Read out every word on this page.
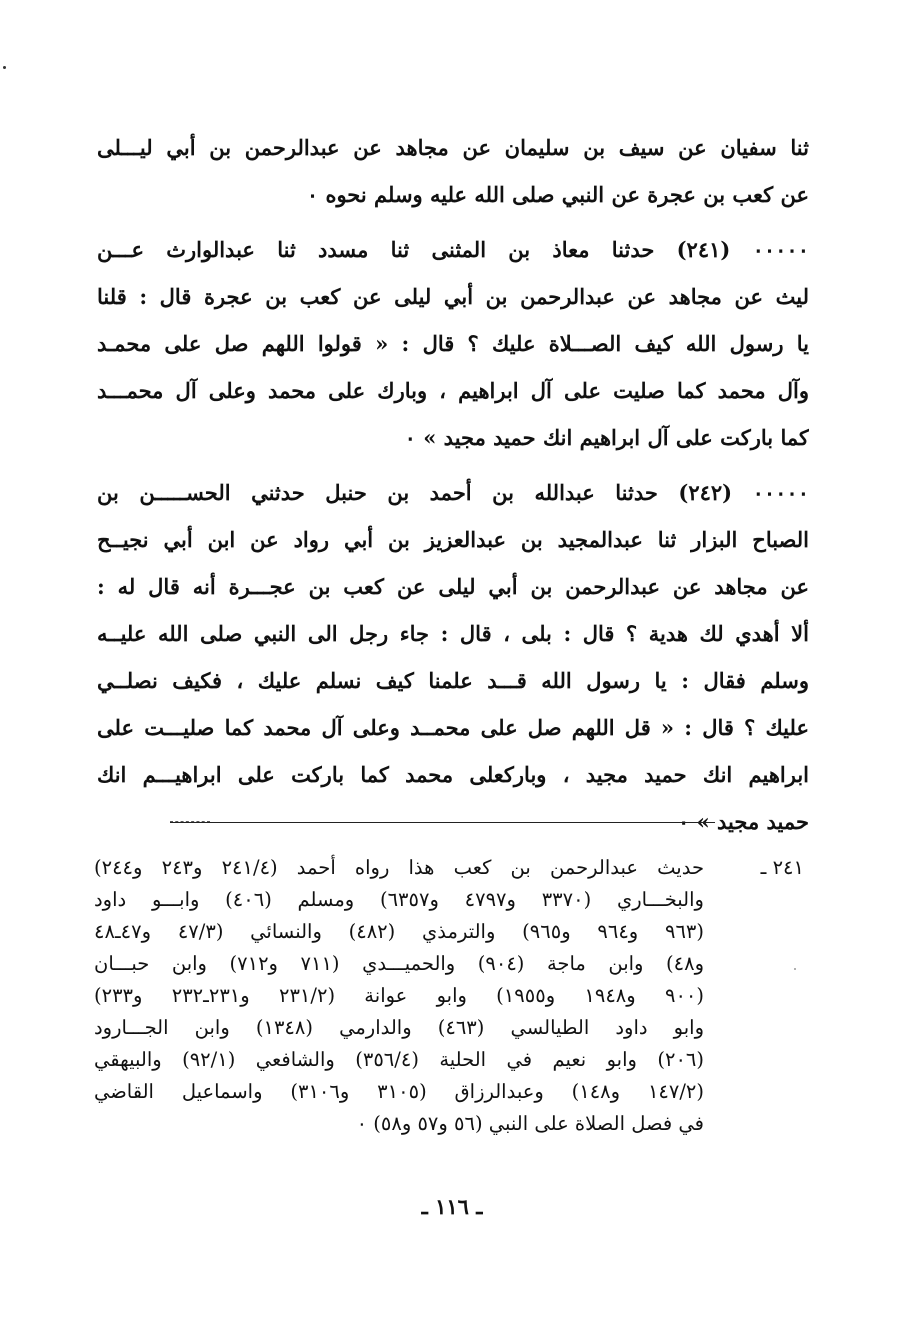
ثنا سفيان عن سيف بن سليمان عن مجاهد عن عبدالرحمن بن أبي ليـــلى
عن كعب بن عجرة عن النبي صلى الله عليه وسلم نحوه ٠
٠٠٠٠٠ (٢٤١) حدثنا معاذ بن المثنى ثنا مسدد ثنا عبدالوارث عـــن
ليث عن مجاهد عن عبدالرحمن بن أبي ليلى عن كعب بن عجرة قال : قلنا
يا رسول الله كيف الصـــلاة عليك ؟ قال : « قولوا اللهم صل على محمـد
وآل محمد كما صليت على آل ابراهيم ، وبارك على محمد وعلى آل محمـــد
كما باركت على آل ابراهيم انك حميد مجيد » ٠
٠٠٠٠٠ (٢٤٢) حدثنا عبدالله بن أحمد بن حنبل حدثني الحســـــن بن
الصباح البزار ثنا عبدالمجيد بن عبدالعزيز بن أبي رواد عن ابن أبي نجيــح
عن مجاهد عن عبدالرحمن بن أبي ليلى عن كعب بن عجـــرة أنه قال له :
ألا أهدي لك هدية ؟ قال : بلى ، قال : جاء رجل الى النبي صلى الله عليــه
وسلم فقال : يا رسول الله قـــد علمنا كيف نسلم عليك ، فكيف نصلــي
عليك ؟ قال : « قل اللهم صل على محمــد وعلى آل محمد كما صليـــت على
ابراهيم انك حميد مجيد ، وباركعلى محمد كما باركت على ابراهيـــم انك
حميد مجيد » ٠
٢٤١ ـ
حديث عبدالرحمن بن كعب هذا رواه أحمد (٢٤١/٤ و٢٤٣ و٢٤٤)
والبخـــاري (٣٣٧٠ و٤٧٩٧ و٦٣٥٧) ومسلم (٤٠٦) وابـــو داود
(٩٦٣ و٩٦٤ و٩٦٥) والترمذي (٤٨٢) والنسائي (٤٧/٣ و٤٧ـ٤٨
و٤٨) وابن ماجة (٩٠٤) والحميـــدي (٧١١ و٧١٢) وابن حبـــان
(٩٠٠ و١٩٤٨ و١٩٥٥) وابو عوانة (٢٣١/٢ و٢٣١ـ٢٣٢ و٢٣٣)
وابو داود الطيالسي (٤٦٣) والدارمي (١٣٤٨) وابن الجـــارود
(٢٠٦) وابو نعيم في الحلية (٣٥٦/٤) والشافعي (٩٢/١) والبيهقي
(١٤٧/٢ و١٤٨) وعبدالرزاق (٣١٠٥ و٣١٠٦) واسماعيل القاضي
في فصل الصلاة على النبي (٥٦ و٥٧ و٥٨) ٠
ـ ١١٦ ـ
